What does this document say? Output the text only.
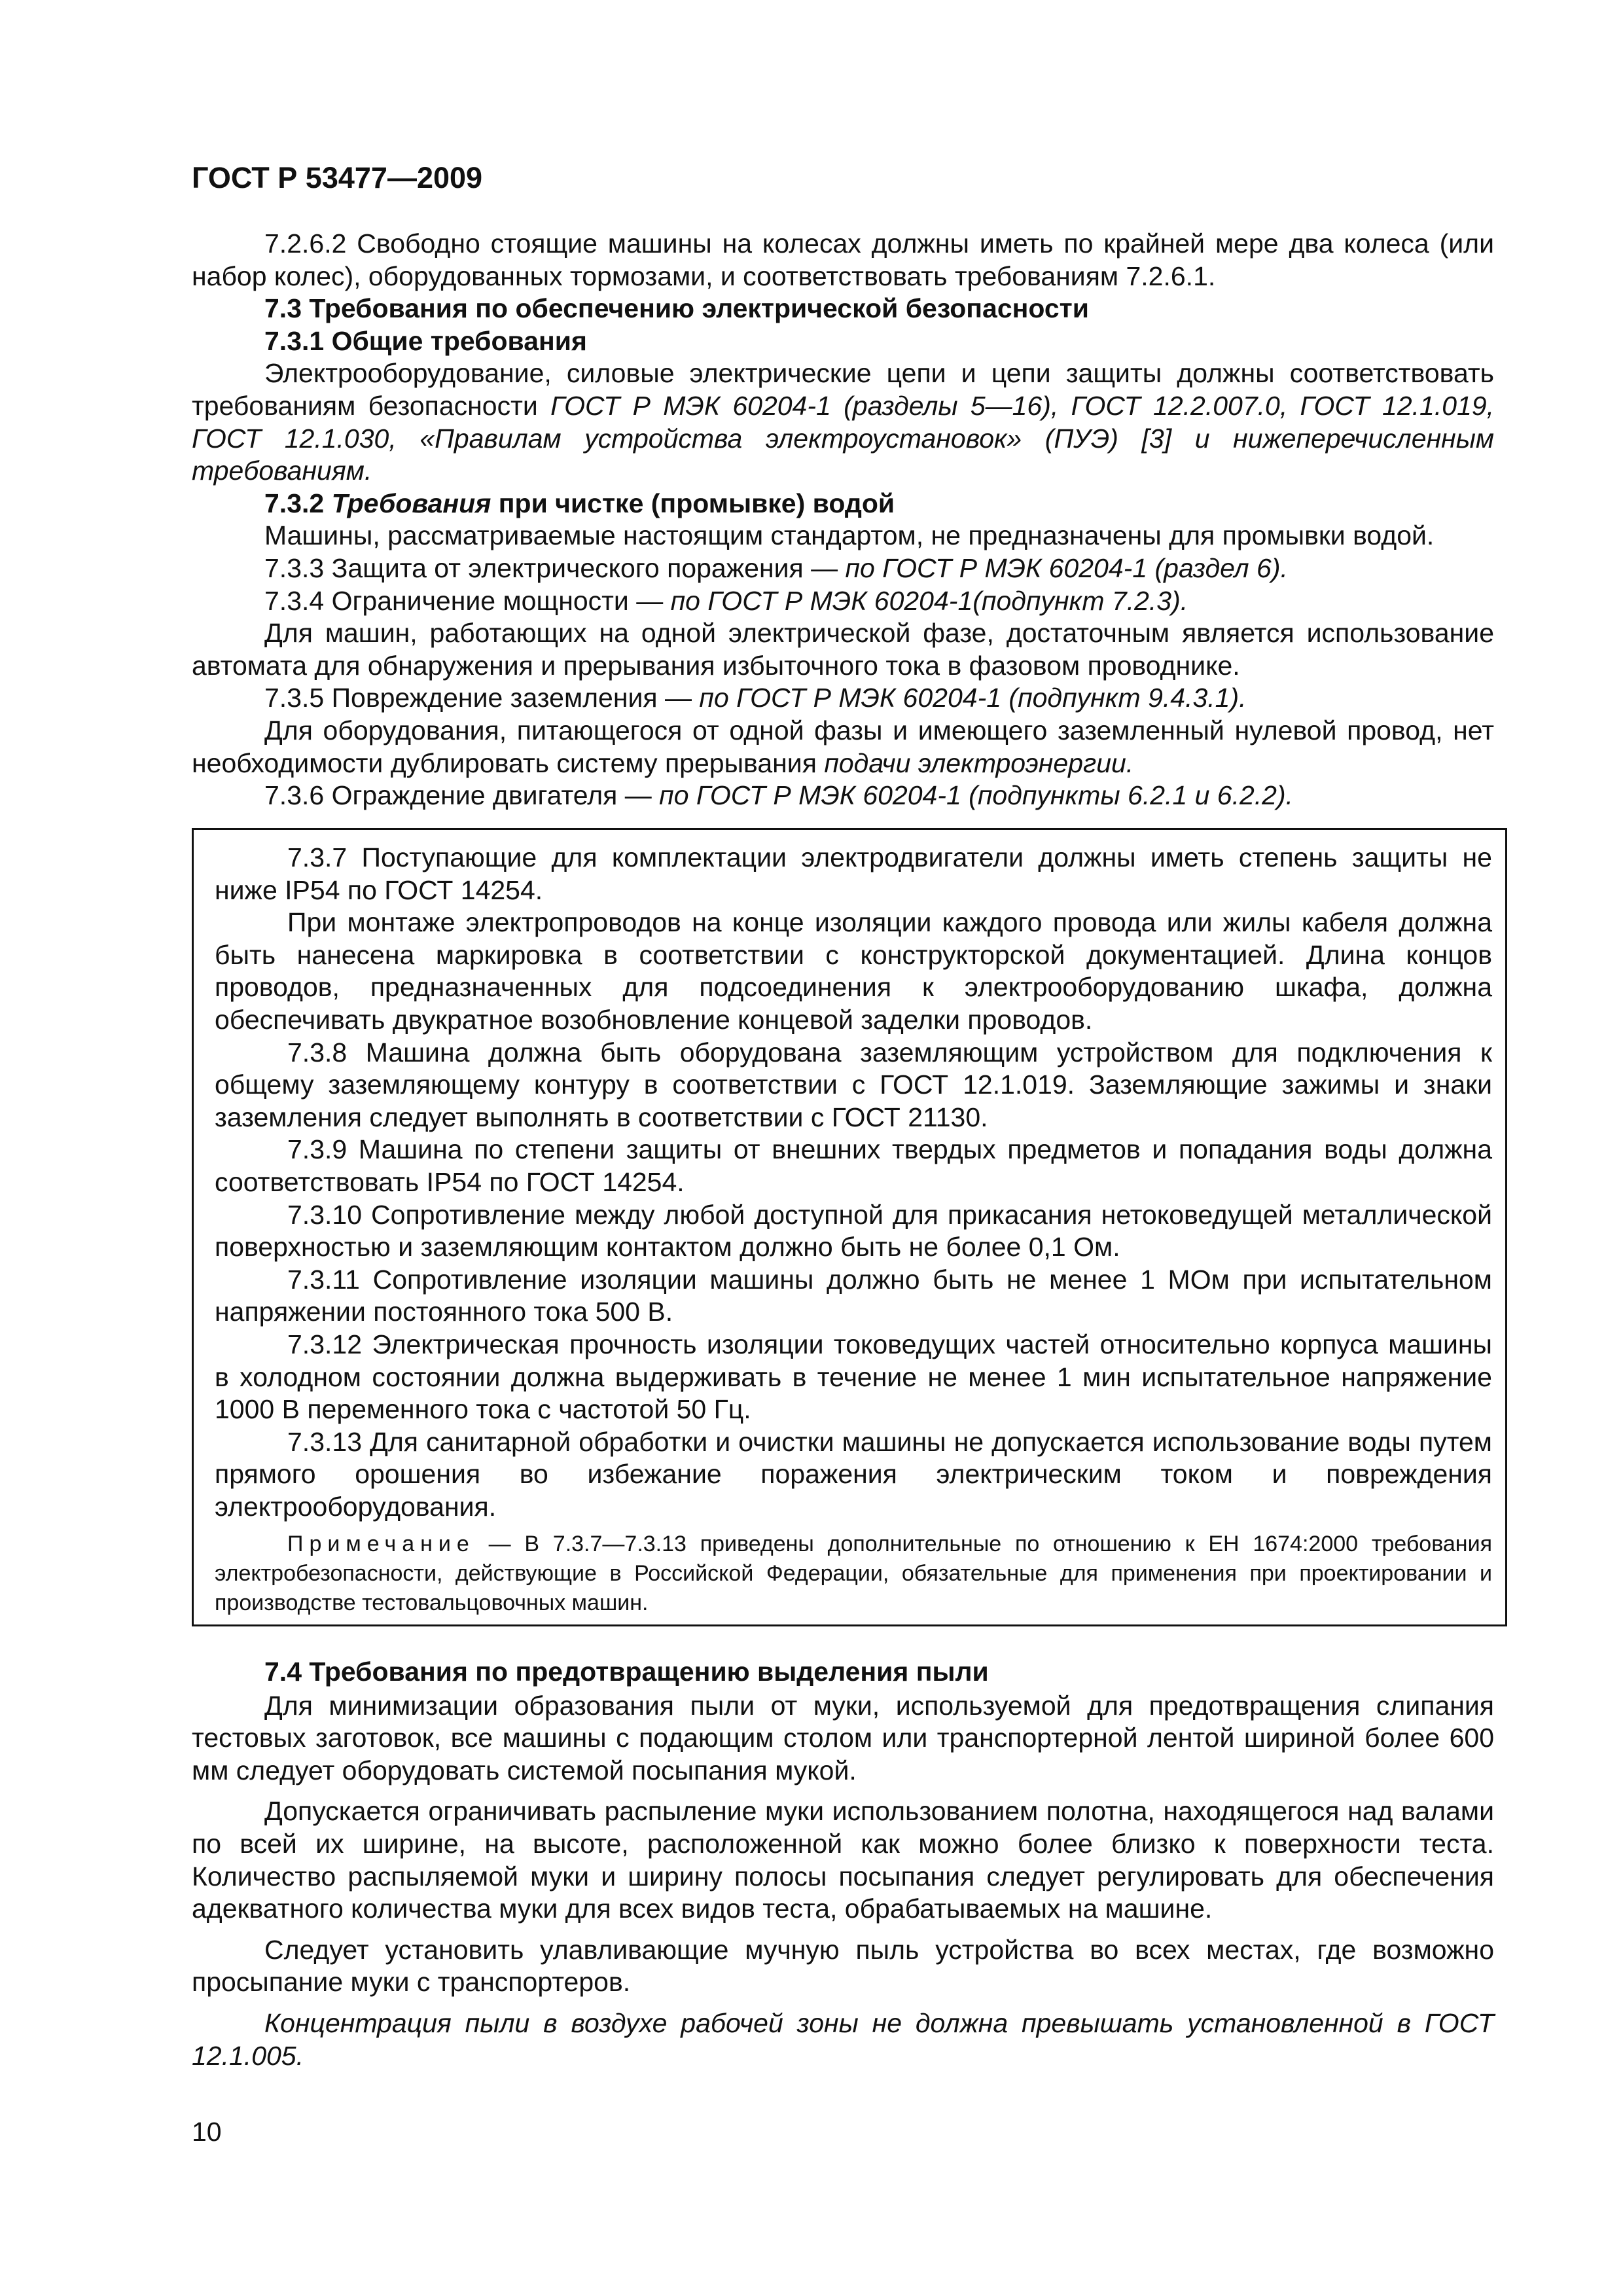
ГОСТ Р 53477—2009

7.2.6.2 Свободно стоящие машины на колесах должны иметь по крайней мере два колеса (или набор колес), оборудованных тормозами, и соответствовать требованиям 7.2.6.1.

7.3 Требования по обеспечению электрической безопасности

7.3.1 Общие требования

Электрооборудование, силовые электрические цепи и цепи защиты должны соответствовать требованиям безопасности ГОСТ Р МЭК 60204-1 (разделы 5—16), ГОСТ 12.2.007.0, ГОСТ 12.1.019, ГОСТ 12.1.030, «Правилам устройства электроустановок» (ПУЭ) [3] и нижеперечисленным требованиям.

7.3.2 Требования при чистке (промывке) водой

Машины, рассматриваемые настоящим стандартом, не предназначены для промывки водой.

7.3.3 Защита от электрического поражения — по ГОСТ Р МЭК 60204-1 (раздел 6).

7.3.4 Ограничение мощности — по ГОСТ Р МЭК 60204-1(подпункт 7.2.3).

Для машин, работающих на одной электрической фазе, достаточным является использование автомата для обнаружения и прерывания избыточного тока в фазовом проводнике.

7.3.5 Повреждение заземления — по ГОСТ Р МЭК 60204-1 (подпункт 9.4.3.1).

Для оборудования, питающегося от одной фазы и имеющего заземленный нулевой провод, нет необходимости дублировать систему прерывания подачи электроэнергии.

7.3.6 Ограждение двигателя — по ГОСТ Р МЭК 60204-1 (подпункты 6.2.1 и 6.2.2).

7.3.7 Поступающие для комплектации электродвигатели должны иметь степень защиты не ниже IP54 по ГОСТ 14254.

При монтаже электропроводов на конце изоляции каждого провода или жилы кабеля должна быть нанесена маркировка в соответствии с конструкторской документацией. Длина концов проводов, предназначенных для подсоединения к электрооборудованию шкафа, должна обеспечивать двукратное возобновление концевой заделки проводов.

7.3.8 Машина должна быть оборудована заземляющим устройством для подключения к общему заземляющему контуру в соответствии с ГОСТ 12.1.019. Заземляющие зажимы и знаки заземления следует выполнять в соответствии с ГОСТ 21130.

7.3.9 Машина по степени защиты от внешних твердых предметов и попадания воды должна соответствовать IP54 по ГОСТ 14254.

7.3.10 Сопротивление между любой доступной для прикасания нетоковедущей металлической поверхностью и заземляющим контактом должно быть не более 0,1 Ом.

7.3.11 Сопротивление изоляции машины должно быть не менее 1 МОм при испытательном напряжении постоянного тока 500 В.

7.3.12 Электрическая прочность изоляции токоведущих частей относительно корпуса машины в холодном состоянии должна выдерживать в течение не менее 1 мин испытательное напряжение 1000 В переменного тока с частотой 50 Гц.

7.3.13 Для санитарной обработки и очистки машины не допускается использование воды путем прямого орошения во избежание поражения электрическим током и повреждения электрооборудования.

Примечание — В 7.3.7—7.3.13 приведены дополнительные по отношению к ЕН 1674:2000 требования электробезопасности, действующие в Российской Федерации, обязательные для применения при проектировании и производстве тестовальцовочных машин.

7.4 Требования по предотвращению выделения пыли

Для минимизации образования пыли от муки, используемой для предотвращения слипания тестовых заготовок, все машины с подающим столом или транспортерной лентой шириной более 600 мм следует оборудовать системой посыпания мукой.

Допускается ограничивать распыление муки использованием полотна, находящегося над валами по всей их ширине, на высоте, расположенной как можно более близко к поверхности теста. Количество распыляемой муки и ширину полосы посыпания следует регулировать для обеспечения адекватного количества муки для всех видов теста, обрабатываемых на машине.

Следует установить улавливающие мучную пыль устройства во всех местах, где возможно просыпание муки с транспортеров.

Концентрация пыли в воздухе рабочей зоны не должна превышать установленной в ГОСТ 12.1.005.

10
